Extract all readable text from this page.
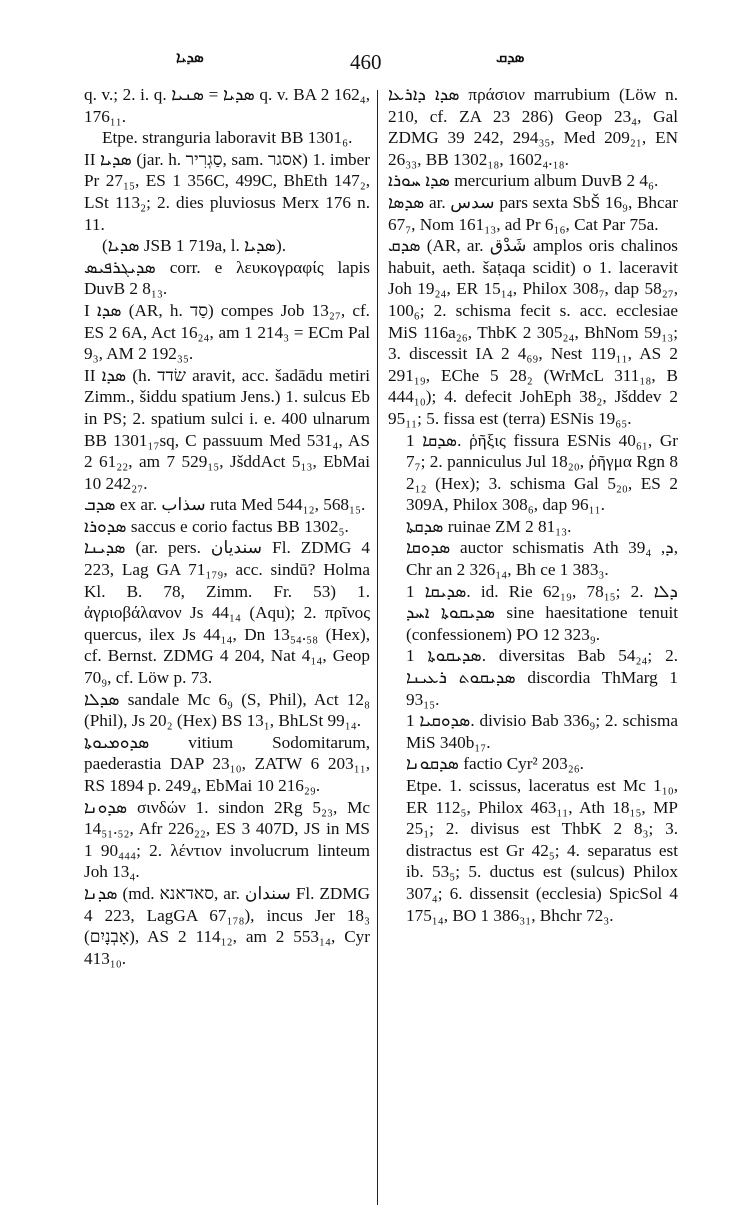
ܣܕܝܐ	460	ܣܕܩ

q. v.; 2. i. q. ܣܕܝܐ = ܣܢܝܐ q. v. BA 2 162₄, 176₁₁.

Etpe. stranguria laboravit BB 1301₆.

II ܣܕܝܐ (jar. h. סַגְרִיר, sam. אסגר) 1. imber Pr 27₁₅, ES 1 356C, 499C, BhEth 147₂, LSt 113₂; 2. dies pluviosus Merx 176 n. 11.

(ܣܕܝܐ JSB 1 719a, l. ܣܕܝܐ).

ܣܕܝܓܪܦܝܣ corr. e λευκογραφίς lapis DuvB 2 8₁₃.

I ܣܕܐ (AR, h. סַד) compes Job 13₂₇, cf. ES 2 6A, Act 16₂₄, am 1 214₃ = ECm Pal 9₃, AM 2 192₃₅.

II ܣܕܐ (h. שׂדד aravit, acc. šadādu metiri Zimm., šiddu spatium Jens.) 1. sulcus Eb in PS; 2. spatium sulci i. e. 400 ulnarum BB 1301₁₇sq, C passuum Med 531₄, AS 2 61₂₂, am 7 529₁₅, JšddAct 5₁₃, EbMai 10 242₂₇.

ܣܕܒ ex ar. سذاب ruta Med 544₁₂, 568₁₅.

ܣܕܘܪܐ saccus e corio factus BB 1302₅.

ܣܕܝܢܐ (ar. pers. سندیان Fl. ZDMG 4 223, Lag GA 71₁₇₉, acc. sindū? Holma Kl. B. 78, Zimm. Fr. 53) 1. ἀγριοβάλανον Js 44₁₄ (Aqu); 2. πρῖνος quercus, ilex Js 44₁₄, Dn 13₅₄.₅₈ (Hex), cf. Bernst. ZDMG 4 204, Nat 4₁₄, Geop 70₉, cf. Löw p. 73.

ܣܕܠܐ sandale Mc 6₉ (S, Phil), Act 12₈ (Phil), Js 20₂ (Hex) BS 13₁, BhLSt 99₁₄.

ܣܕܘܡܝܘܬܐ vitium Sodomitarum, paederastia DAP 23₁₀, ZATW 6 203₁₁, RS 1894 p. 249₄, EbMai 10 216₂₉.

ܣܕܘܢܐ σινδών 1. sindon 2Rg 5₂₃, Mc 14₅₁.₅₂, Afr 226₂₂, ES 3 407D, JS in MS 1 90₄₄₄; 2. λέντιον involucrum linteum Joh 13₄.

ܣܕܢܐ (md. סאדאנא, ar. سندان Fl. ZDMG 4 223, LagGA 67₁₇₈), incus Jer 18₃ (אָבְנָיִם), AS 2 114₁₂, am 2 553₁₄, Cyr 413₁₀.

ܣܕܐ ܕܐܪܥܐ πράσιον marrubium (Löw n. 210, cf. ZA 23 286) Geop 23₄, Gal ZDMG 39 242, 294₃₅, Med 209₂₁, EN 26₃₃, BB 1302₁₈, 1602₄.₁₈.

ܣܕܐ ܚܘܪܐ mercurium album DuvB 2 4₆.

ܣܕܣܐ ar. سدس pars sexta SbŠ 16₉, Bhcar 67₇, Nom 161₁₃, ad Pr 6₁₆, Cat Par 75a.

ܣܕܩ (AR, ar. شَدْق amplos oris chalinos habuit, aeth. šaṭaqa scidit) o 1. laceravit Joh 19₂₄, ER 15₁₄, Philox 308₇, dap 58₂₇, 100₆; 2. schisma fecit s. acc. ecclesiae MiS 116a₂₆, ThbK 2 305₂₄, BhNom 59₁₃; 3. discessit IA 2 4₆₉, Nest 119₁₁, AS 2 291₁₉, EChe 5 28₂ (WrMcL 311₁₈, B 444₁₀); 4. defecit JohEph 38₂, Jšddev 2 95₁₁; 5. fissa est (terra) ESNis 19₆₅.

ܣܕܩܐ 1. ῥῆξις fissura ESNis 40₆₁, Gr 7₇; 2. panniculus Jul 18₂₀, ῥῆγμα Rgn 8 2₁₂ (Hex); 3. schisma Gal 5₂₀, ES 2 309A, Philox 308₆, dap 96₁₁.

ܣܕܩܬܐ ruinae ZM 2 81₁₃.

ܣܕܘܩܐ auctor schismatis Ath ܕ, 39₄, Chr an 2 326₁₄, Bh ce 1 383₃.

ܣܕܝܩܐ 1. id. Rie 62₁₉, 78₁₅; 2. ܕܠܐ ܣܕܝܩܘܬܐ ܐܚܕ sine haesitatione tenuit (confessionem) PO 12 323₉.

ܣܕܝܩܘܬܐ 1. diversitas Bab 54₂₄; 2. ܣܕܝܩܘܬ ܪܥܝܢܐ discordia ThMarg 1 93₁₅.

ܣܕܘܩܝܐ 1. divisio Bab 336₉; 2. schisma MiS 340b₁₇.

ܣܕܩܘܢܐ factio Cyr² 203₂₆.

Etpe. 1. scissus, laceratus est Mc 1₁₀, ER 112₅, Philox 463₁₁, Ath 18₁₅, MP 25₁; 2. divisus est ThbK 2 8₃; 3. distractus est Gr 42₅; 4. separatus est ib. 53₅; 5. ductus est (sulcus) Philox 307₄; 6. dissensit (ecclesia) SpicSol 4 175₁₄, BO 1 386₃₁, Bhchr 72₃.
